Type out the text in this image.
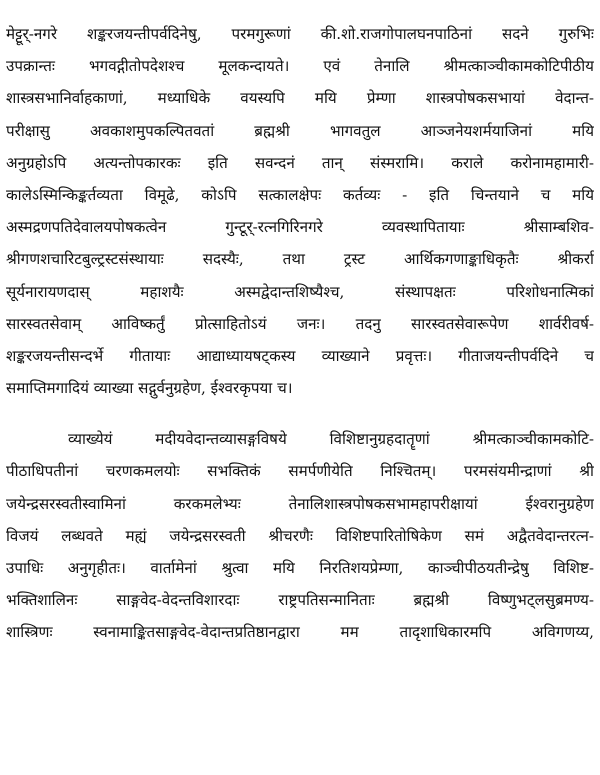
मेट्टूर्-नगरे शङ्करजयन्तीपर्वदिनेषु, परमगुरूणां की.शो.राजगोपालघनपाठिनां सदने गुरुभिः
उपक्रान्तः भगवद्गीतोपदेशश्च मूलकन्दायते। एवं तेनालि श्रीमत्काञ्चीकामकोटिपीठीय
शास्त्रसभानिर्वाहकाणां, मध्याधिके वयस्यपि मयि प्रेम्णा शास्त्रपोषकसभायां वेदान्त-
परीक्षासु अवकाशमुपकल्पितवतां ब्रह्मश्री भागवतुल आञ्जनेयशर्मयाजिनां मयि
अनुग्रहोऽपि अत्यन्तोपकारकः इति सवन्दनं तान् संस्मरामि। कराले करोनामहामारी-
कालेऽस्मिन्किङ्कर्तव्यता विमूढे, कोऽपि सत्कालक्षेपः कर्तव्यः - इति चिन्तयाने च मयि
अस्मद्रणपतिदेवालयपोषकत्वेन गुन्टूर्-रत्नगिरिनगरे व्यवस्थापितायाः श्रीसाम्बशिव-
श्रीगणशचारिटबुल्ट्रस्टसंस्थायाः सदस्यैः, तथा ट्रस्ट आर्थिकगणाङ्काधिकृतैः श्रीकर्रा
सूर्यनारायणदास् महाशयैः अस्मद्वेदान्तशिष्यैश्च, संस्थापक्षतः परिशोधनात्मिकां
सारस्वतसेवाम् आविष्कर्तुं प्रोत्साहितोऽयं जनः। तदनु सारस्वतसेवारूपेण शार्वरीवर्ष-
शङ्करजयन्तीसन्दर्भे गीतायाः आद्याध्यायषट्कस्य व्याख्याने प्रवृत्तः। गीताजयन्तीपर्वदिने च
समाप्तिमगादियं व्याख्या सद्गुर्वनुग्रहेण, ईश्वरकृपया च।
व्याख्येयं मदीयवेदान्तव्यासङ्गविषये विशिष्टानुग्रहदातॄणां श्रीमत्काञ्चीकामकोटि-
पीठाधिपतीनां चरणकमलयोः सभक्तिकं समर्पणीयेति निश्चितम्। परमसंयमीन्द्राणां श्री
जयेन्द्रसरस्वतीस्वामिनां करकमलेभ्यः तेनालिशास्त्रपोषकसभामहापरीक्षायां ईश्वरानुग्रहेण
विजयं लब्धवते मह्यं जयेन्द्रसरस्वती श्रीचरणैः विशिष्टपारितोषिकेण समं अद्वैतवेदान्तरत्न-
उपाधिः अनुगृहीतः। वार्तामेनां श्रुत्वा मयि निरतिशयप्रेम्णा, काञ्चीपीठयतीन्द्रेषु विशिष्ट-
भक्तिशालिनः साङ्गवेद-वेदन्तविशारदाः राष्ट्रपतिसन्मानिताः ब्रह्मश्री विष्णुभट्लसुब्रमण्य-
शास्त्रिणः स्वनामाङ्कितसाङ्गवेद-वेदान्तप्रतिष्ठानद्वारा मम तादृशाधिकारमपि अविगणय्य,
